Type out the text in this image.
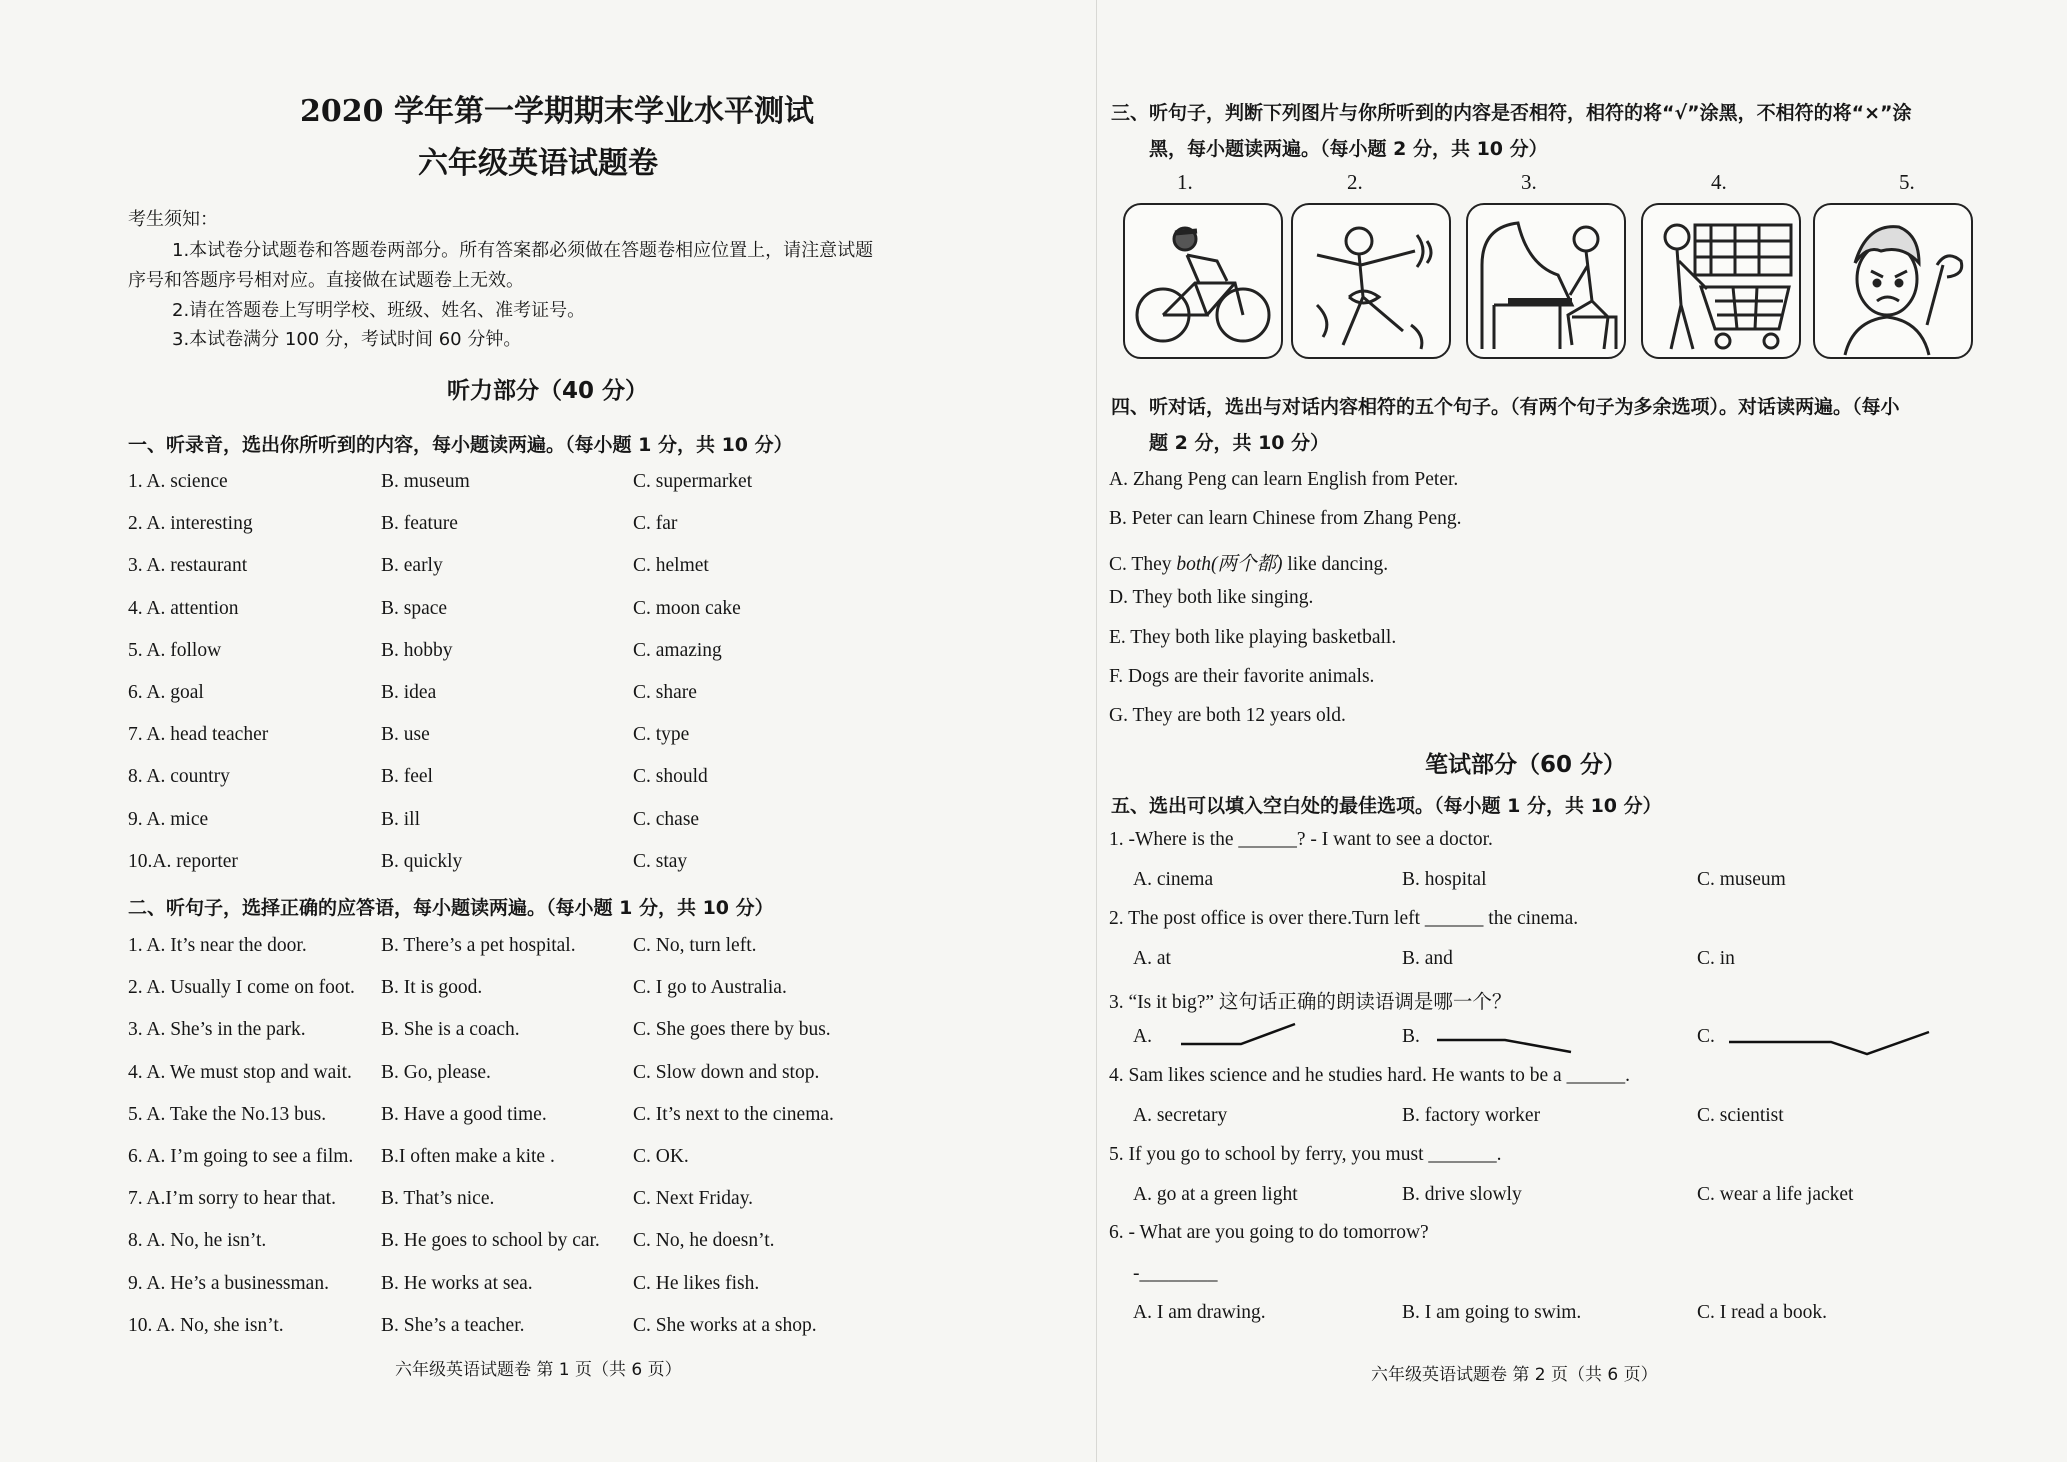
2020 学年第一学期期末学业水平测试
六年级英语试题卷
考生须知：
1.本试卷分试题卷和答题卷两部分。所有答案都必须做在答题卷相应位置上，请注意试题
序号和答题序号相对应。直接做在试题卷上无效。
2.请在答题卷上写明学校、班级、姓名、准考证号。
3.本试卷满分 100 分，考试时间 60 分钟。
听力部分（40 分）
一、听录音，选出你所听到的内容，每小题读两遍。（每小题 1 分，共 10 分）
1. A. science	B. museum	C. supermarket
2. A. interesting	B. feature	C. far
3. A. restaurant	B. early	C. helmet
4. A. attention	B. space	C. moon cake
5. A. follow	B. hobby	C. amazing
6. A. goal	B. idea	C. share
7. A. head teacher	B. use	C. type
8. A. country	B. feel	C. should
9. A. mice	B. ill	C. chase
10.A. reporter	B. quickly	C. stay
二、听句子，选择正确的应答语，每小题读两遍。（每小题 1 分，共 10 分）
1. A. It’s near the door.	B. There’s a pet hospital.	C. No, turn left.
2. A. Usually I come on foot. B. It is good.	C. I go to Australia.
3. A. She’s in the park.	B. She is a coach.	C. She goes there by bus.
4. A. We must stop and wait. B. Go, please.	C. Slow down and stop.
5. A. Take the No.13 bus.	B. Have a good time.	C. It’s next to the cinema.
6. A. I’m going to see a film. B.I often make a kite .	C. OK.
7. A.I’m sorry to hear that. B. That’s nice.	C. Next Friday.
8. A. No, he isn’t.	B. He goes to school by car. C. No, he doesn’t.
9. A. He’s a businessman.	B. He works at sea.	C. He likes fish.
10. A. No, she isn’t.	B. She’s a teacher.	C. She works at a shop.
六年级英语试题卷 第 1 页（共 6 页）
三、听句子，判断下列图片与你所听到的内容是否相符，相符的将“√”涂黑，不相符的将“×”涂
黑，每小题读两遍。（每小题 2 分，共 10 分）
1.	2.	3.	4.	5.
四、听对话，选出与对话内容相符的五个句子。（有两个句子为多余选项）。对话读两遍。（每小
题 2 分，共 10 分）
A. Zhang Peng can learn English from Peter.
B. Peter can learn Chinese from Zhang Peng.
C. They both(两个都) like dancing.
D. They both like singing.
E. They both like playing basketball.
F. Dogs are their favorite animals.
G. They are both 12 years old.
笔试部分（60 分）
五、选出可以填入空白处的最佳选项。（每小题 1 分，共 10 分）
1. -Where is the ______? - I want to see a doctor.
A. cinema	B. hospital	C. museum
2. The post office is over there.Turn left ______ the cinema.
A. at	B. and	C. in
3. “Is it big?” 这句话正确的朗读语调是哪一个？
A.	B.	C.
4. Sam likes science and he studies hard. He wants to be a ______.
A. secretary	B. factory worker	C. scientist
5. If you go to school by ferry, you must _______.
A. go at a green light	B. drive slowly	C. wear a life jacket
6. - What are you going to do tomorrow?
-________
A. I am drawing.	B. I am going to swim.	C. I read a book.
六年级英语试题卷 第 2 页（共 6 页）
